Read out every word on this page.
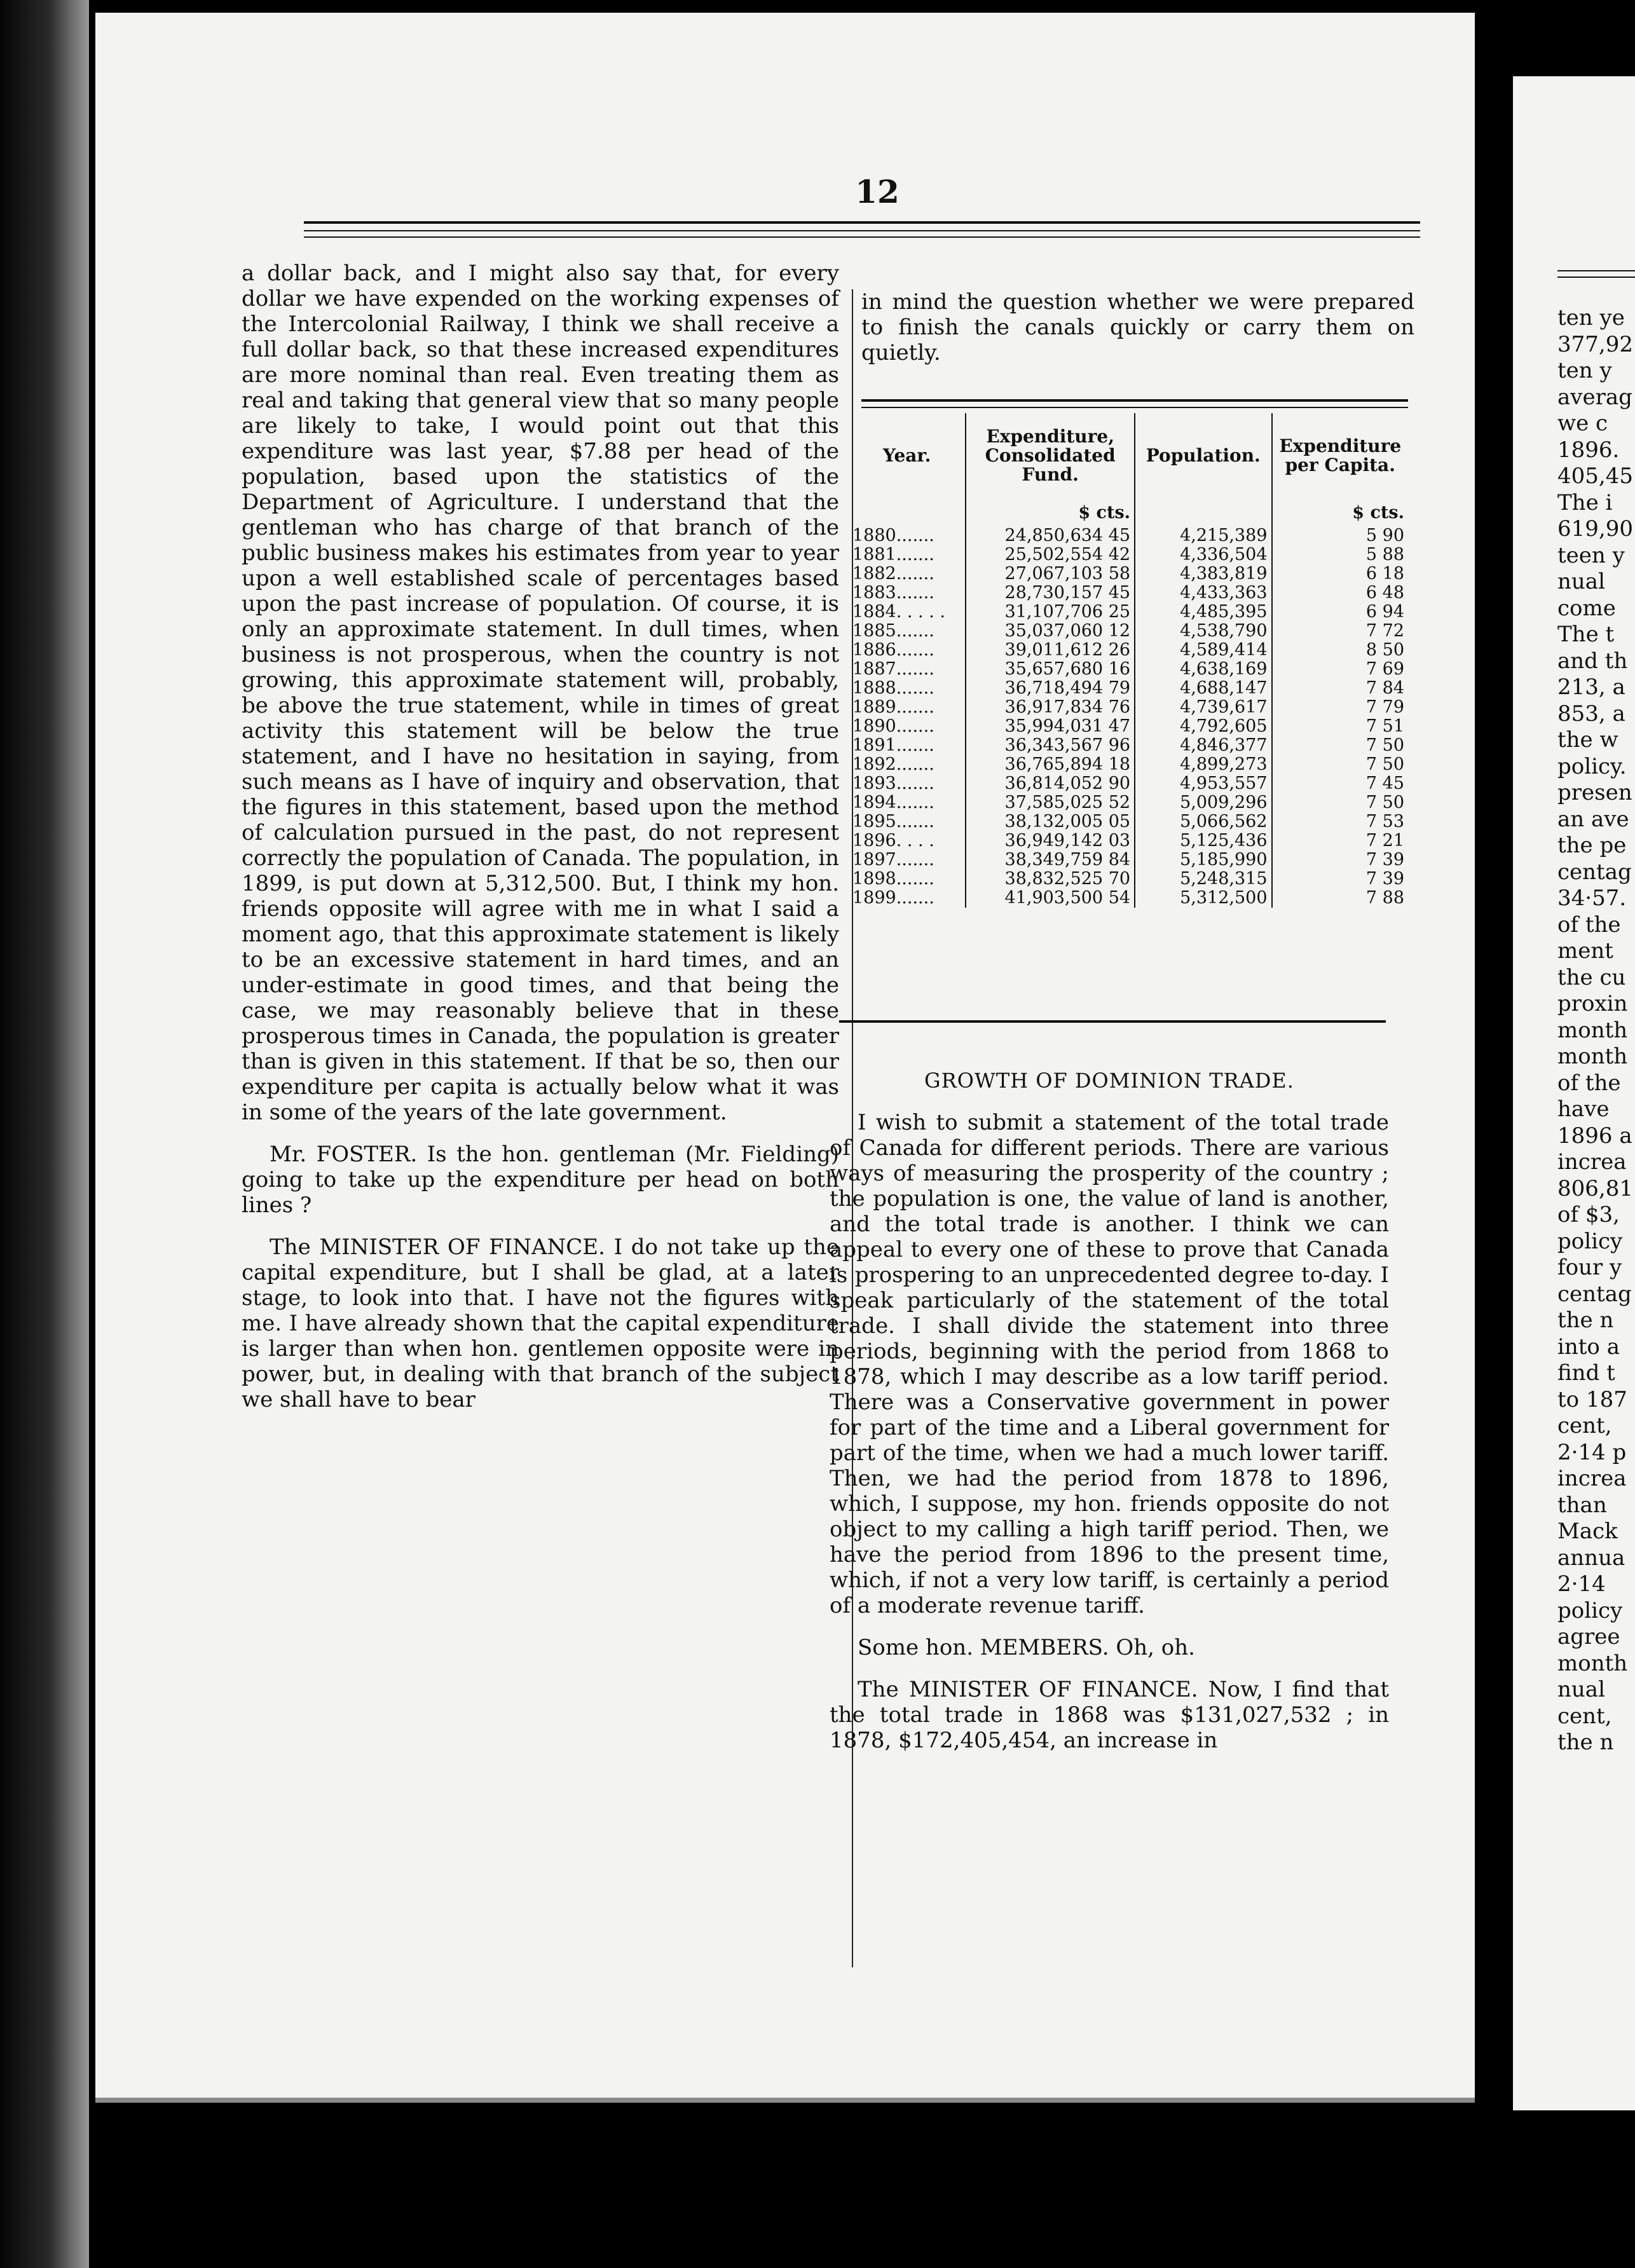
ten ye
377,92
ten y
averag
we c
1896.
405,45
The i
619,90
teen y
nual
come
The t
and th
213, a
853, a
the w
policy.
presen
an ave
the pe
centag
34·57.
of the
ment
the cu
proxin
month
month
of the
have
1896 a
increa
806,81
of $3,
policy
four y
centag
the n
into a
find t
to 187
cent,
2·14 p
increa
than
Mack
annua
2·14
policy
agree
month
nual
cent,
the n
12

a dollar back, and I might also say that, for every dollar we have expended on the working expenses of the Intercolonial Railway, I think we shall receive a full dollar back, so that these increased expenditures are more nominal than real. Even treating them as real and taking that general view that so many people are likely to take, I would point out that this expenditure was last year, $7.88 per head of the population, based upon the statistics of the Department of Agriculture. I understand that the gentleman who has charge of that branch of the public business makes his estimates from year to year upon a well established scale of percentages based upon the past increase of population. Of course, it is only an approximate statement. In dull times, when business is not prosperous, when the country is not growing, this approximate statement will, probably, be above the true statement, while in times of great activity this statement will be below the true statement, and I have no hesitation in saying, from such means as I have of inquiry and observation, that the figures in this statement, based upon the method of calculation pursued in the past, do not represent correctly the population of Canada. The population, in 1899, is put down at 5,312,500. But, I think my hon. friends opposite will agree with me in what I said a moment ago, that this approximate statement is likely to be an excessive statement in hard times, and an under-estimate in good times, and that being the case, we may reasonably believe that in these prosperous times in Canada, the population is greater than is given in this statement. If that be so, then our expenditure per capita is actually below what it was in some of the years of the late government.

Mr. FOSTER. Is the hon. gentleman (Mr. Fielding) going to take up the expenditure per head on both lines ?

The MINISTER OF FINANCE. I do not take up the capital expenditure, but I shall be glad, at a later stage, to look into that. I have not the figures with me. I have already shown that the capital expenditure is larger than when hon. gentlemen opposite were in power, but, in dealing with that branch of the subject we shall have to bear

in mind the question whether we were prepared to finish the canals quickly or carry them on quietly.

Year.	Expenditure, Consolidated Fund.	Population.	Expenditure per Capita.
	$ cts.		$ cts.
1880.......	24,850,634 45	4,215,389	5 90
1881.......	25,502,554 42	4,336,504	5 88
1882.......	27,067,103 58	4,383,819	6 18
1883.......	28,730,157 45	4,433,363	6 48
1884. . . . .	31,107,706 25	4,485,395	6 94
1885.......	35,037,060 12	4,538,790	7 72
1886.......	39,011,612 26	4,589,414	8 50
1887.......	35,657,680 16	4,638,169	7 69
1888.......	36,718,494 79	4,688,147	7 84
1889.......	36,917,834 76	4,739,617	7 79
1890.......	35,994,031 47	4,792,605	7 51
1891.......	36,343,567 96	4,846,377	7 50
1892.......	36,765,894 18	4,899,273	7 50
1893.......	36,814,052 90	4,953,557	7 45
1894.......	37,585,025 52	5,009,296	7 50
1895.......	38,132,005 05	5,066,562	7 53
1896. . . .	36,949,142 03	5,125,436	7 21
1897.......	38,349,759 84	5,185,990	7 39
1898.......	38,832,525 70	5,248,315	7 39
1899.......	41,903,500 54	5,312,500	7 88

GROWTH OF DOMINION TRADE.

I wish to submit a statement of the total trade of Canada for different periods. There are various ways of measuring the prosperity of the country ; the population is one, the value of land is another, and the total trade is another. I think we can appeal to every one of these to prove that Canada is prospering to an unprecedented degree to-day. I speak particularly of the statement of the total trade. I shall divide the statement into three periods, beginning with the period from 1868 to 1878, which I may describe as a low tariff period. There was a Conservative government in power for part of the time and a Liberal government for part of the time, when we had a much lower tariff. Then, we had the period from 1878 to 1896, which, I suppose, my hon. friends opposite do not object to my calling a high tariff period. Then, we have the period from 1896 to the present time, which, if not a very low tariff, is certainly a period of a moderate revenue tariff.

Some hon. MEMBERS. Oh, oh.

The MINISTER OF FINANCE. Now, I find that the total trade in 1868 was $131,027,532 ; in 1878, $172,405,454, an increase in
